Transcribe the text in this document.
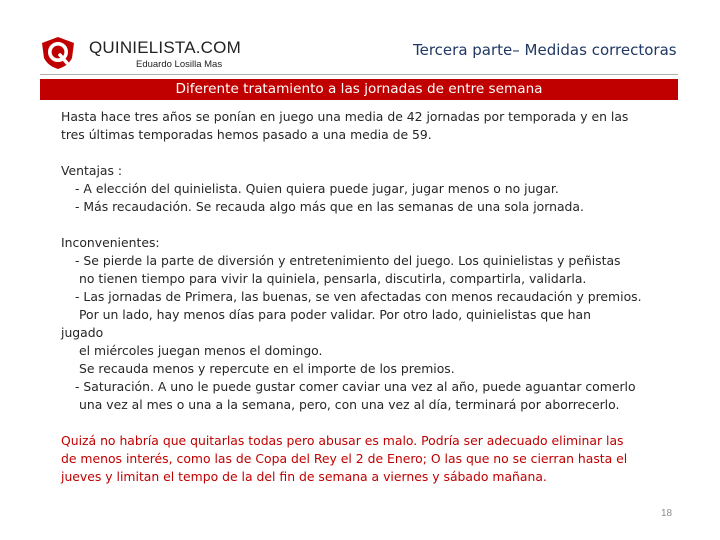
QUINIELISTA.COM
Eduardo Losilla Mas
Tercera parte– Medidas correctoras
Diferente tratamiento a las jornadas de entre semana

Hasta hace tres años se ponían en juego una media de 42 jornadas por temporada y en las

tres últimas temporadas hemos pasado a una media de 59.

Ventajas :

- A elección del quinielista. Quien quiera puede jugar, jugar menos o no jugar.

- Más recaudación. Se recauda algo más que en las semanas de una sola jornada.

Inconvenientes:

- Se pierde la parte de diversión y entretenimiento del juego. Los quinielistas y peñistas

no tienen tiempo para vivir la quiniela, pensarla, discutirla, compartirla, validarla.

- Las jornadas de Primera, las buenas, se ven afectadas con menos recaudación y premios.

Por un lado, hay menos días para poder validar. Por otro lado, quinielistas que han

jugado

el miércoles juegan menos el domingo.

Se recauda menos y repercute en el importe de los premios.

- Saturación. A uno le puede gustar comer caviar una vez al año, puede aguantar comerlo

una vez al mes o una a la semana, pero, con una vez al día, terminará por aborrecerlo.

Quizá no habría que quitarlas todas pero abusar es malo. Podría ser adecuado eliminar las

de menos interés, como las de Copa del Rey el 2 de Enero; O las que no se cierran hasta el

jueves y limitan el tempo de la del fin de semana a viernes y sábado mañana.

18
